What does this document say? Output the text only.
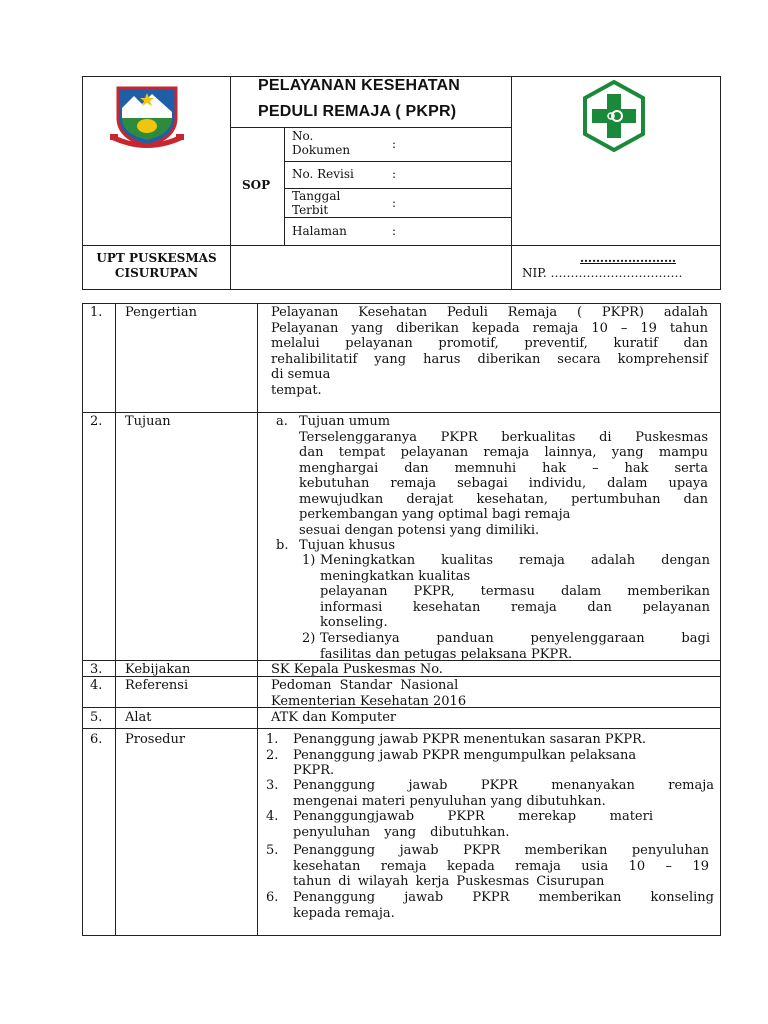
PELAYANAN KESEHATAN
PEDULI REMAJA ( PKPR)
SOP
No. Dokumen	:
No. Revisi	:
Tanggal Terbit	:
Halaman	:
UPT PUSKESMAS
CISURUPAN
……………………
NIP. ……………………………
1. Pengertian	Pelayanan Kesehatan Peduli Remaja ( PKPR) adalah
Pelayanan yang diberikan kepada remaja 10 – 19 tahun
melalui pelayanan promotif, preventif, kuratif dan
rehalibilitatif yang harus diberikan secara komprehensif
di semua
tempat.
2. Tujuan	a. Tujuan umum
Terselenggaranya PKPR berkualitas di Puskesmas
dan tempat pelayanan remaja lainnya, yang mampu
menghargai dan memnuhi hak – hak serta
kebutuhan remaja sebagai individu, dalam upaya
mewujudkan derajat kesehatan, pertumbuhan dan
perkembangan yang optimal bagi remaja
sesuai dengan potensi yang dimiliki.
b. Tujuan khusus
1) Meningkatkan kualitas remaja adalah dengan
meningkatkan kualitas
pelayanan PKPR, termasu dalam memberikan
informasi kesehatan remaja dan pelayanan
konseling.
2) Tersedianya panduan penyelenggaraan bagi
fasilitas dan petugas pelaksana PKPR.
3. Kebijakan	SK Kepala Puskesmas No.
4. Referensi	Pedoman Standar Nasional
Kementerian Kesehatan 2016
5. Alat	ATK dan Komputer
6. Prosedur	1. Penanggung jawab PKPR menentukan sasaran PKPR.
2. Penanggung jawab PKPR mengumpulkan pelaksana
PKPR.
3. Penanggung jawab PKPR menanyakan remaja
mengenai materi penyuluhan yang dibutuhkan.
4. Penanggungjawab PKPR merekap materi
penyuluhan yang dibutuhkan.
5. Penanggung jawab PKPR memberikan penyuluhan
kesehatan remaja kepada remaja usia 10 – 19
tahun di wilayah kerja Puskesmas Cisurupan
6. Penanggung jawab PKPR memberikan konseling
kepada remaja.
